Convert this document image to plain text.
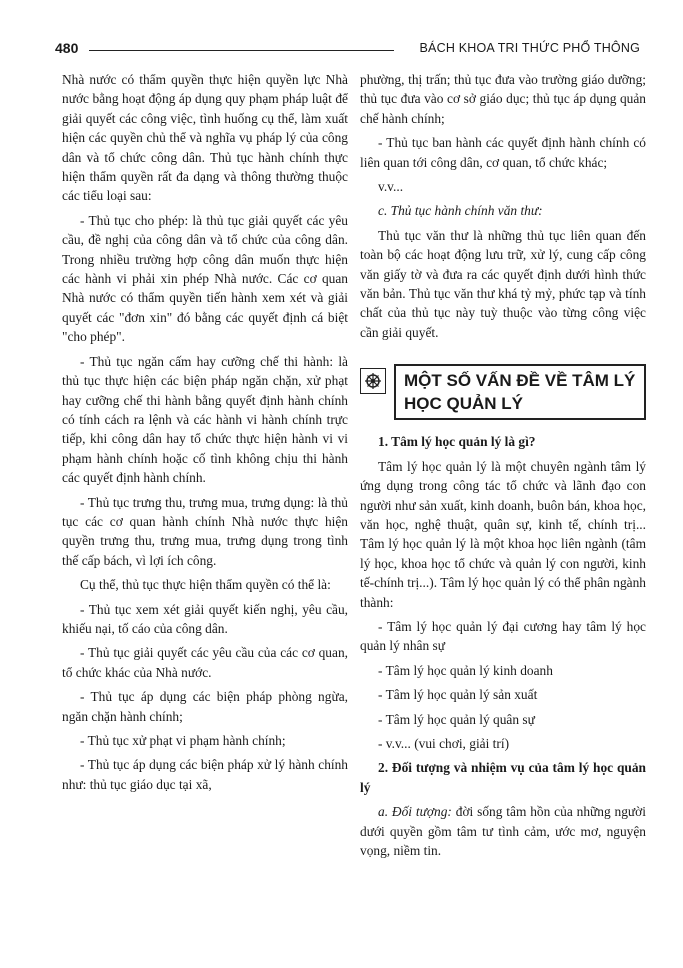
480	BÁCH KHOA TRI THỨC PHỔ THÔNG

Nhà nước có thẩm quyền thực hiện quyền lực Nhà nước bằng hoạt động áp dụng quy phạm pháp luật để giải quyết các công việc, tình huống cụ thể, làm xuất hiện các quyền chủ thể và nghĩa vụ pháp lý của công dân và tổ chức công dân. Thủ tục hành chính thực hiện thẩm quyền rất đa dạng và thông thường thuộc các tiểu loại sau:

- Thủ tục cho phép: là thủ tục giải quyết các yêu cầu, đề nghị của công dân và tổ chức của công dân. Trong nhiều trường hợp công dân muốn thực hiện các hành vi phải xin phép Nhà nước. Các cơ quan Nhà nước có thẩm quyền tiến hành xem xét và giải quyết các "đơn xin" đó bằng các quyết định cá biệt "cho phép".

- Thủ tục ngăn cấm hay cưỡng chế thi hành: là thủ tục thực hiện các biện pháp ngăn chặn, xử phạt hay cưỡng chế thi hành bằng quyết định hành chính có tính cách ra lệnh và các hành vi hành chính trực tiếp, khi công dân hay tổ chức thực hiện hành vi vi phạm hành chính hoặc cố tình không chịu thi hành các quyết định hành chính.

- Thủ tục trưng thu, trưng mua, trưng dụng: là thủ tục các cơ quan hành chính Nhà nước thực hiện quyền trưng thu, trưng mua, trưng dụng trong tình thế cấp bách, vì lợi ích công.

Cụ thể, thủ tục thực hiện thẩm quyền có thể là:

- Thủ tục xem xét giải quyết kiến nghị, yêu cầu, khiếu nại, tố cáo của công dân.

- Thủ tục giải quyết các yêu cầu của các cơ quan, tổ chức khác của Nhà nước.

- Thủ tục áp dụng các biện pháp phòng ngừa, ngăn chặn hành chính;

- Thủ tục xử phạt vi phạm hành chính;

- Thủ tục áp dụng các biện pháp xử lý hành chính như: thủ tục giáo dục tại xã,

phường, thị trấn; thủ tục đưa vào trường giáo dưỡng; thủ tục đưa vào cơ sở giáo dục; thủ tục áp dụng quản chế hành chính;

- Thủ tục ban hành các quyết định hành chính có liên quan tới công dân, cơ quan, tổ chức khác;

v.v...

c. Thủ tục hành chính văn thư:

Thủ tục văn thư là những thủ tục liên quan đến toàn bộ các hoạt động lưu trữ, xử lý, cung cấp công văn giấy tờ và đưa ra các quyết định dưới hình thức văn bản. Thủ tục văn thư khá tỷ mỷ, phức tạp và tính chất của thủ tục này tuỳ thuộc vào từng công việc cần giải quyết.

MỘT SỐ VẤN ĐỀ VỀ TÂM LÝ HỌC QUẢN LÝ

1. Tâm lý học quản lý là gì?

Tâm lý học quản lý là một chuyên ngành tâm lý ứng dụng trong công tác tổ chức và lãnh đạo con người như sản xuất, kinh doanh, buôn bán, khoa học, văn học, nghệ thuật, quân sự, kinh tế, chính trị... Tâm lý học quản lý là một khoa học liên ngành (tâm lý học, khoa học tổ chức và quản lý con người, kinh tế-chính trị...). Tâm lý học quản lý có thể phân ngành thành:

- Tâm lý học quản lý đại cương hay tâm lý học quản lý nhân sự

- Tâm lý học quản lý kinh doanh

- Tâm lý học quản lý sản xuất

- Tâm lý học quản lý quân sự

- v.v... (vui chơi, giải trí)

2. Đối tượng và nhiệm vụ của tâm lý học quản lý

a. Đối tượng: đời sống tâm hồn của những người dưới quyền gồm tâm tư tình cảm, ước mơ, nguyện vọng, niềm tin.
